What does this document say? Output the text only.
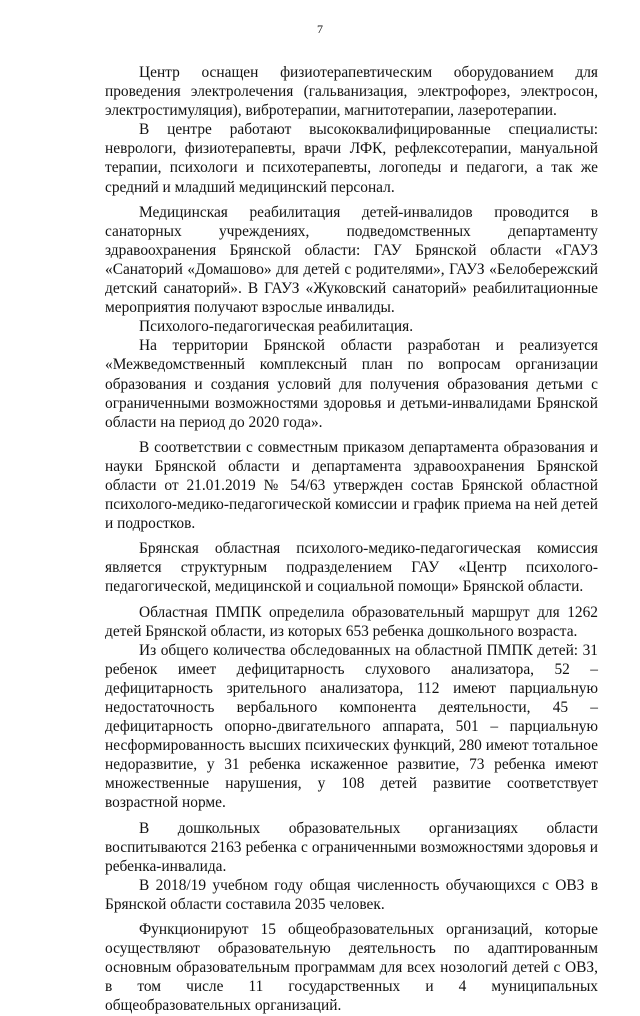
7

Центр оснащен физиотерапевтическим оборудованием для проведения электролечения (гальванизация, электрофорез, электросон, электростимуляция), вибротерапии, магнитотерапии, лазеротерапии.

В центре работают высококвалифицированные специалисты: неврологи, физиотерапевты, врачи ЛФК, рефлексотерапии, мануальной терапии, психологи и психотерапевты, логопеды и педагоги, а так же средний и младший медицинский персонал.

Медицинская реабилитация детей-инвалидов проводится в санаторных учреждениях, подведомственных департаменту здравоохранения Брянской области: ГАУ Брянской области «ГАУЗ «Санаторий «Домашово» для детей с родителями», ГАУЗ «Белобережский детский санаторий». В ГАУЗ «Жуковский санаторий» реабилитационные мероприятия получают взрослые инвалиды.

Психолого-педагогическая реабилитация.

На территории Брянской области разработан и реализуется «Межведомственный комплексный план по вопросам организации образования и создания условий для получения образования детьми с ограниченными возможностями здоровья и детьми-инвалидами Брянской области на период до 2020 года».

В соответствии с совместным приказом департамента образования и науки Брянской области и департамента здравоохранения Брянской области от 21.01.2019 № 54/63 утвержден состав Брянской областной психолого-медико-педагогической комиссии и график приема на ней детей и подростков.

Брянская областная психолого-медико-педагогическая комиссия является структурным подразделением ГАУ «Центр психолого-педагогической, медицинской и социальной помощи» Брянской области.

Областная ПМПК определила образовательный маршрут для 1262 детей Брянской области, из которых 653 ребенка дошкольного возраста.

Из общего количества обследованных на областной ПМПК детей: 31 ребенок имеет дефицитарность слухового анализатора, 52 – дефицитарность зрительного анализатора, 112 имеют парциальную недостаточность вербального компонента деятельности, 45 – дефицитарность опорно-двигательного аппарата, 501 – парциальную несформированность высших психических функций, 280 имеют тотальное недоразвитие, у 31 ребенка искаженное развитие, 73 ребенка имеют множественные нарушения, у 108 детей развитие соответствует возрастной норме.

В дошкольных образовательных организациях области воспитываются 2163 ребенка с ограниченными возможностями здоровья и ребенка-инвалида.

В 2018/19 учебном году общая численность обучающихся с ОВЗ в Брянской области составила 2035 человек.

Функционируют 15 общеобразовательных организаций, которые осуществляют образовательную деятельность по адаптированным основным образовательным программам для всех нозологий детей с ОВЗ, в том числе 11 государственных и 4 муниципальных общеобразовательных организаций.
